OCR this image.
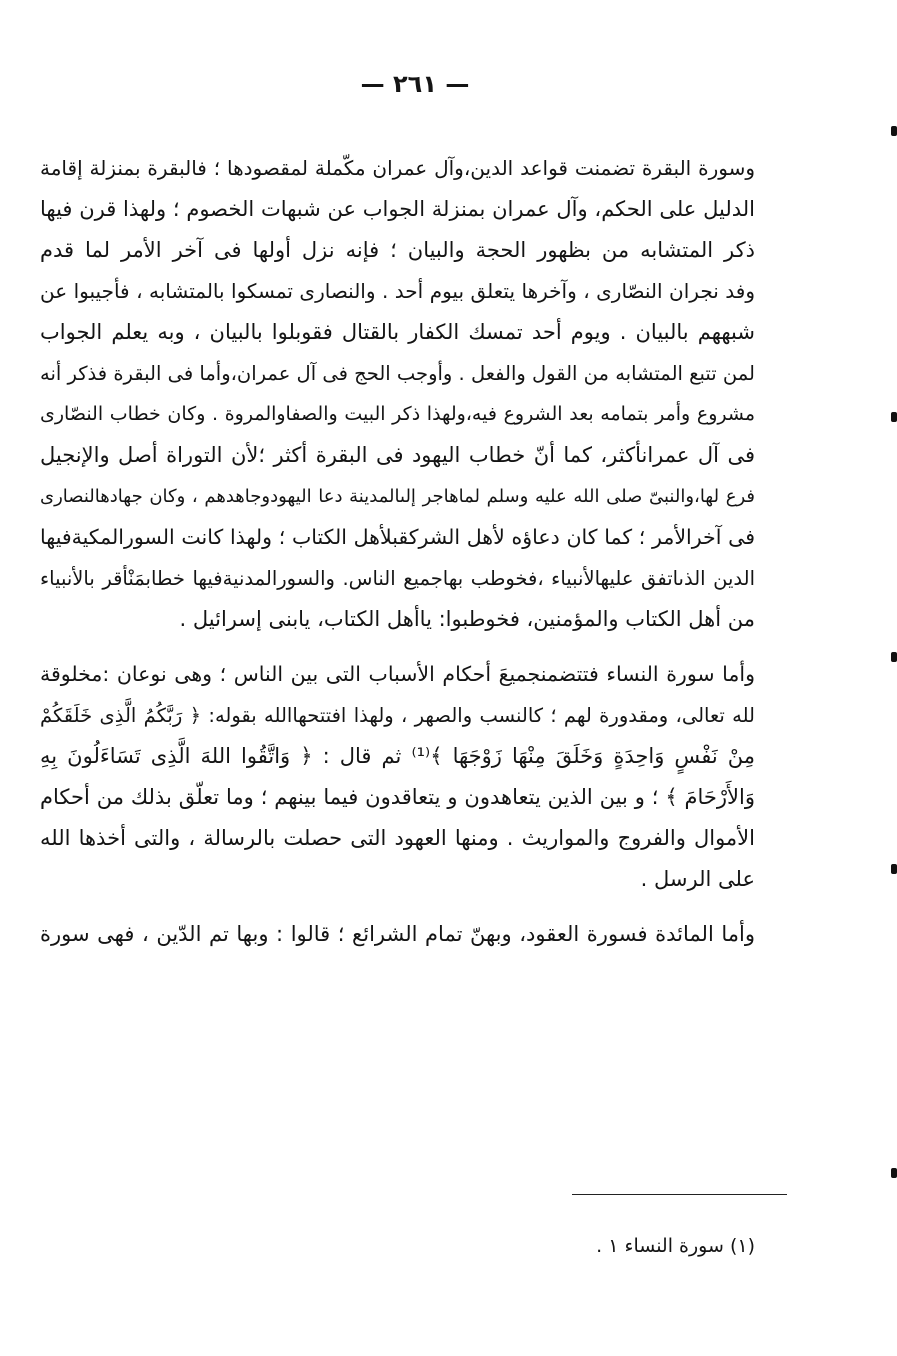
— ٢٦١ —
وسورة البقرة تضمنت قواعد الدين،وآل عمران مكّملة لمقصودها ؛ فالبقرة بمنزلة إقامة
الدليل على الحكم، وآل عمران بمنزلة الجواب عن شبهات الخصوم ؛ ولهذا قرن فيها
ذكر المتشابه من بظهور الحجة والبيان ؛ فإنه نزل أولها فى آخر الأمر لما قدم
وفد نجران النصّارى ، وآخرها يتعلق بيوم أحد . والنصارى تمسكوا بالمتشابه ، فأجيبوا عن
شبههم بالبيان . ويوم أحد تمسك الكفار بالقتال فقوبلوا بالبيان ، وبه يعلم الجواب
لمن تتبع المتشابه من القول والفعل . وأوجب الحج فى آل عمران،وأما فى البقرة فذكر أنه
مشروع وأمر بتمامه بعد الشروع فيه،ولهذا ذكر البيت والصفاوالمروة . وكان خطاب النصّارى
فى آل عمرانأكثر، كما أنّ خطاب اليهود فى البقرة أكثر ؛لأن التوراة أصل والإنجيل
فرع لها،والنبىّ صلى الله عليه وسلم لماهاجر إلىالمدينة دعا اليهودوجاهدهم ، وكان جهادهالنصارى
فى آخرالأمر ؛ كما كان دعاؤه لأهل الشركقبلأهل الكتاب ؛ ولهذا كانت السورالمكيةفيها
الدين الذىاتفق عليهالأنبياء ،فخوطب بهاجميع الناس. والسورالمدنيةفيها خطابمَنْأقر بالأنبياء
من أهل الكتاب والمؤمنين، فخوطبوا: ياأهل الكتاب، يابنى إسرائيل .
وأما سورة النساء فتتضمنجميعَ أحكام الأسباب التى بين الناس ؛ وهى نوعان :مخلوقة
لله تعالى، ومقدورة لهم ؛ كالنسب والصهر ، ولهذا افتتحهاالله بقوله: ﴿ رَبَّكُمُ الَّذِى خَلَقَكُمْ
مِنْ نَفْسٍ وَاحِدَةٍ وَخَلَقَ مِنْهَا زَوْجَهَا ﴾⁽¹⁾ ثم قال : ﴿ وَاتَّقُوا اللهَ الَّذِى تَسَاءَلُونَ بِهِ
وَالأَرْحَامَ ﴾ ؛ و بين الذين يتعاهدون و يتعاقدون فيما بينهم ؛ وما تعلّق بذلك من أحكام
الأموال والفروج والمواريث . ومنها العهود التى حصلت بالرسالة ، والتى أخذها الله
على الرسل .
وأما المائدة فسورة العقود، وبهنّ تمام الشرائع ؛ قالوا : وبها تم الدّين ، فهى سورة
(١) سورة النساء ١ .
